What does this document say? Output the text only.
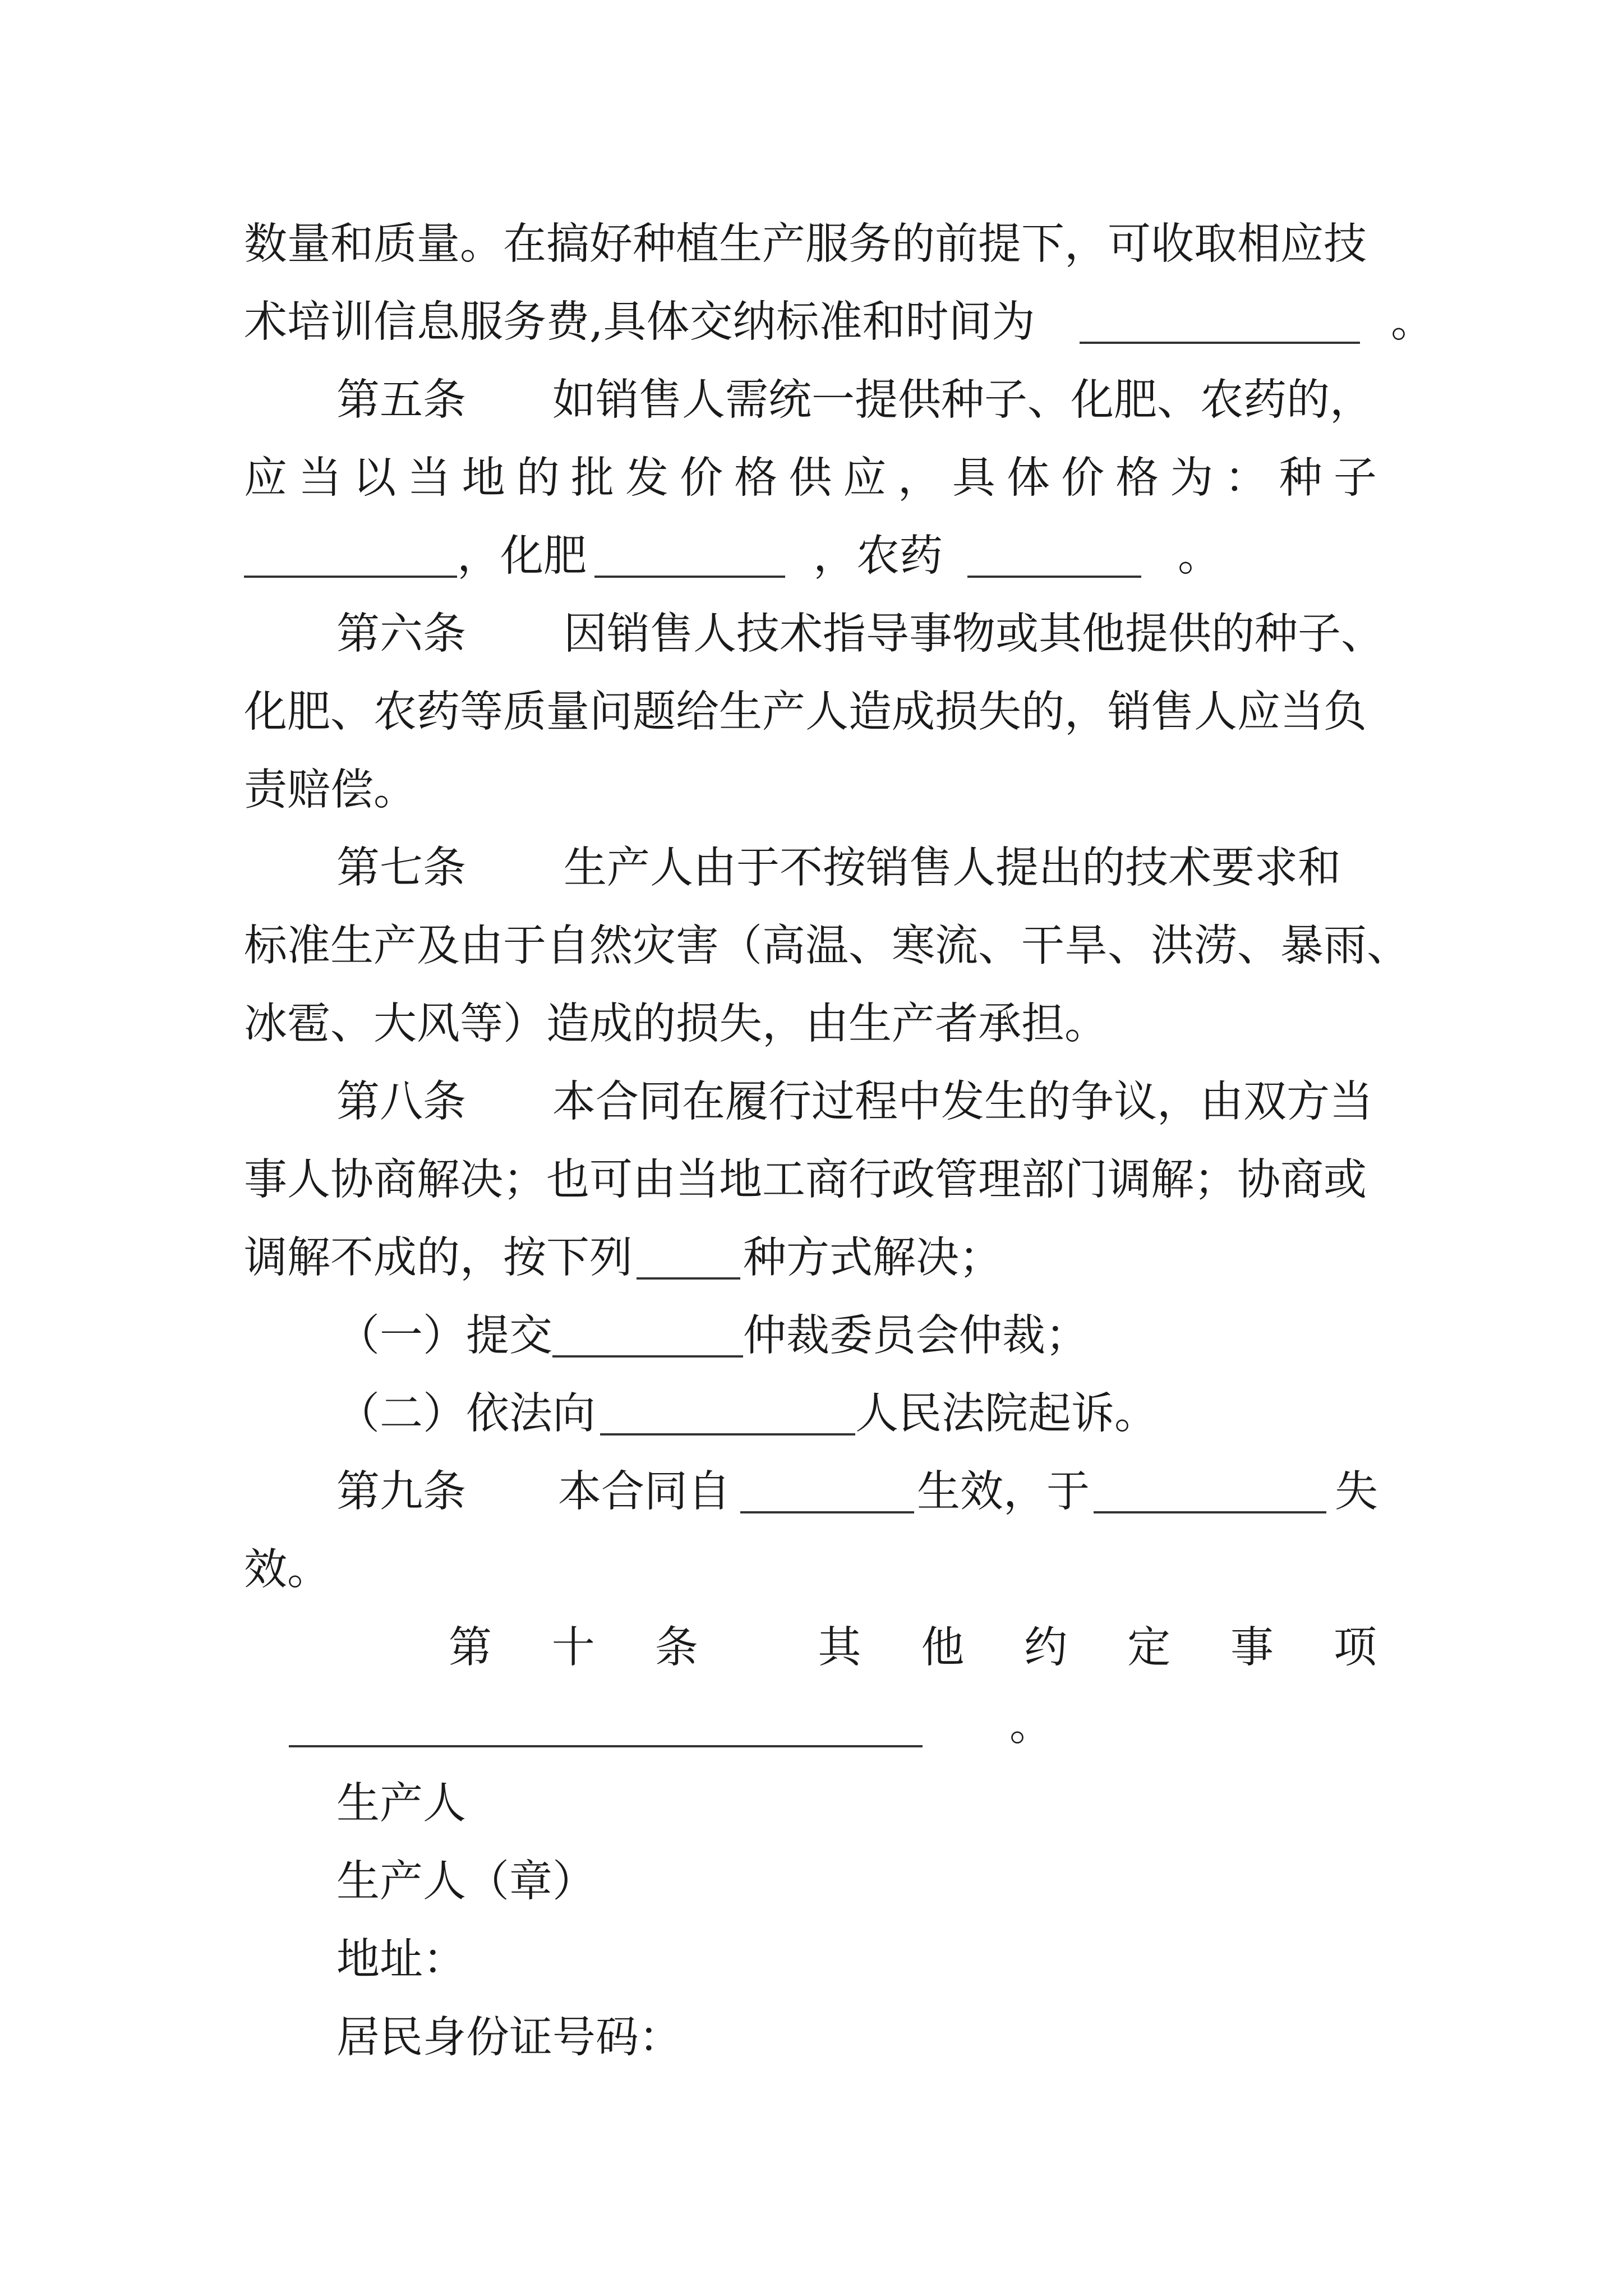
数量和质量。在搞好种植生产服务的前提下，可收取相应技
术培训信息服务费,具体交纳标准和时间为	。
第五条 如销售人需统一提供种子、化肥、农药的，
应 当 以 当 地 的 批 发 价 格 供 应 ， 具 体 价 格 为 ： 种 子
，化肥	，农药	。
第六条 因销售人技术指导事物或其他提供的种子、
化肥、农药等质量问题给生产人造成损失的，销售人应当负
责赔偿。
第七条 生产人由于不按销售人提出的技术要求和
标准生产及由于自然灾害（高温、寒流、干旱、洪涝、暴雨、
冰雹、大风等）造成的损失，由生产者承担。
第八条 本合同在履行过程中发生的争议，由双方当
事人协商解决；也可由当地工商行政管理部门调解；协商或
调解不成的，按下列	种方式解决；
（一）提交	仲裁委员会仲裁；
（二）依法向	人民法院起诉。
第九条 本合同自	生效，于	失
效。
第 十 条	其 他 约 定 事 项
。
生产人
生产人（章）
地址：
居民身份证号码：
